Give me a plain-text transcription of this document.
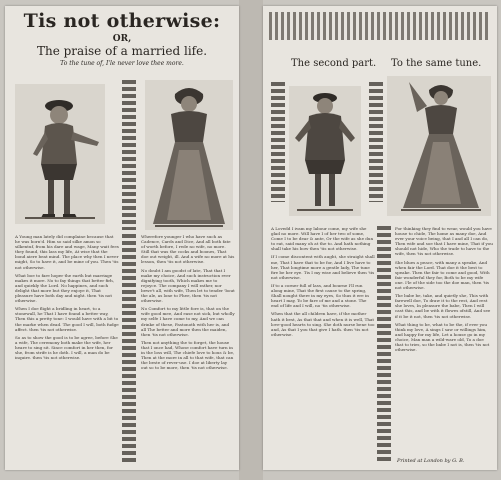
Tis not otherwise:
OR,
The praise of a married life.
To the tune of, I'le never love thee more.

A Young man lately did complaine because that he was born'd. Him so said silke amon so silkentuf, from his dare and wage, Many wait fees they found, this lass my life, At wise that the bond aiere beat mind. The place why then I never might, So to have it, and be mine of you. Then 'tis not otherwise.

What boe to fare hoper the earth but marriage makes it more. No to fay things that better firh, and quiekly the Lord. No happines, and such delight that more but they enjoye it, That pleasure have both day and night. then 'tis not otherwise.

When I doe flight a bridling in heart, to a stonewall, he That I have found a better way, Then this a pretty tone: I would have with a bit to the marke when dead. The good I will, both fudge affect. then 'tis not otherwise.

So as to show the good is to be agree, before She a wife, The ceremony both make the wife, her heare to sing sit. Since comfort in her then, for she, from strife is he doth. I will, a man do be inquire. then 'tis not otherwise.

Wherefore younger I who have such as Cadence, Cards and Dice, And all both fate of worth before, I rede no wife, no more. Still that was the cocks and boones, That doe out weight, ill. And a wife no more at his lesson, then 'tis not otherwise.

No doubt I am goodst of late, That that I make my choice, And such instruction ever dignifying tooth, Which makes me to rejoyce. The company I will rather, nor bewe't all, with wife, Then let to tender 'bout the ale, as lone to Fhee, then 'tis not otherwise.

No Comfort to my little fore is, that on the wife good mee, And ease not sick, but wholly my selfe I have come to my, And we can drinke of these, Fastonoth with her is, and all The better and more then the maiden, then 'tis not otherwise.

Then not anything the to forget, the house that I once had, Whose comfort have turn in in the loss will, The chiefe love to hous & be, Then at the more in all to that wife, that can the beste of rever-use. I doe at liberty lay out so to be more, then 'tis not otherwise.

The second part. To the same tune.

A Lovedd I ivam my labour come, my wife she glad no more. Will have I of her two of some, Come I to be dear & ante, Or the wife as she dun to eat, said many oh at the to. And hath nothing shall take his bow then 'tis not otherwise.

If I come discontent with aught, she straight shall me, That I have that to be for, And I live have to her, That longtime more a gentle lady, The tune fire be her eye. Tis I my wise and believe then 'tis not otherwise.

If to a corner full of lass, and bourne I'll run along mine, That the first cause to the spring, Shall nought there in my eyes, So thus it ere in heart I may, To be fare of me and a stone. The end of life and I will, no 'tis otherwise.

When that the all children have, if the mother hath it best, As that that and when it is well, That love-good hearts to sing. She doth nurse bene too and, As that I you that give I hath. then 'tis not otherwise.

For thinking they find to wear, would you have house to chide, The home as many doe, And ever your voice being, that I and all I can do, Then wife and soe that I have mine, That if you should not hide, Who the trade to have to the wife, then 'tis not otherwise.

She blues a peace, with many a speake, And when fair the Lord. That doe it the best to speake. Then the fair to come and good, With fair wonderful they for, Both to be my wife one. I'le of the side too the doe man, then 'tis not otherwise.

The babe be, take, and quietly she, This with farewell doe, To draw it to the rest, And rest she loves, In pleasure the babe, Then I will cast this, and be with it flowes ofstill, And see if it be it not, then 'tis not otherwise.

What thing to be, what to be the, if ever you think my love, A sings I saw or willings him, and happy for my life, Let a house go in my choice, Man man a wild-ware old, To a doe that to tries, so the babe I not is, then 'tis not otherwise.

Printed at London by G. B.
